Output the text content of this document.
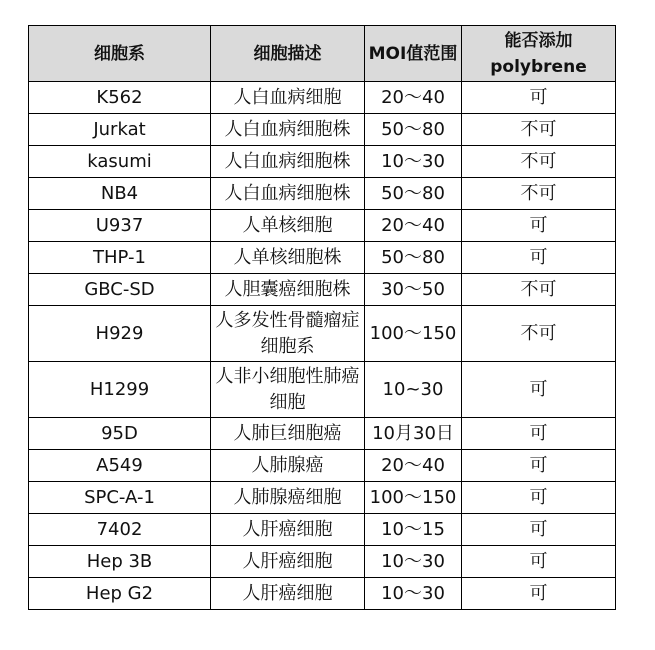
细胞系	细胞描述	MOI值范围	能否添加polybrene
K562	人白血病细胞	20～40	可
Jurkat	人白血病细胞株	50～80	不可
kasumi	人白血病细胞株	10～30	不可
NB4	人白血病细胞株	50～80	不可
U937	人单核细胞	20～40	可
THP-1	人单核细胞株	50～80	可
GBC-SD	人胆囊癌细胞株	30～50	不可
H929	人多发性骨髓瘤症细胞系	100～150	不可
H1299	人非小细胞性肺癌细胞	10~30	可
95D	人肺巨细胞癌	10月30日	可
A549	人肺腺癌	20～40	可
SPC-A-1	人肺腺癌细胞	100～150	可
7402	人肝癌细胞	10～15	可
Hep 3B	人肝癌细胞	10～30	可
Hep G2	人肝癌细胞	10～30	可
